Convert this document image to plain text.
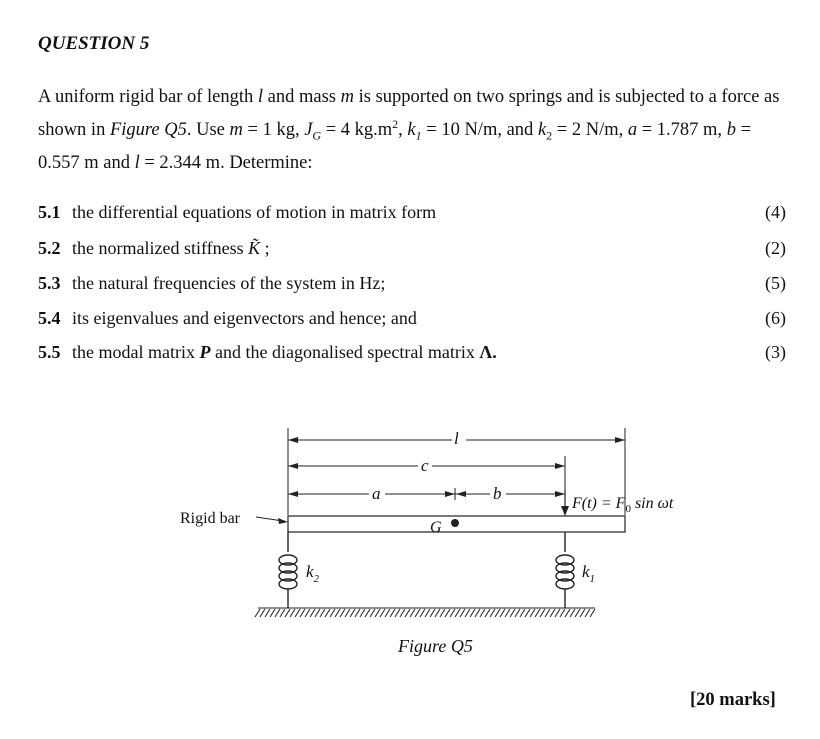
QUESTION 5
A uniform rigid bar of length l and mass m is supported on two springs and is subjected to a force as shown in Figure Q5. Use m = 1 kg, $J_G = 4$ $kg.m^2$, $k_1 = 10$ N/m, and $k_2 = 2$ N/m, a = 1.787 m, b = 0.557 m and l = 2.344 m. Determine:
5.1 the differential equations of motion in matrix form	(4)
5.2 the normalized stiffness K̃ ;	(2)
5.3 the natural frequencies of the system in Hz;	(5)
5.4 its eigenvalues and eigenvectors and hence; and	(6)
5.5 the modal matrix P and the diagonalised spectral matrix Λ.	(3)
l
c
a	b
$F(t) = F_0$ sin ωt
Rigid bar
G
$k_2$	$k_1$
Figure Q5
[20 marks]
